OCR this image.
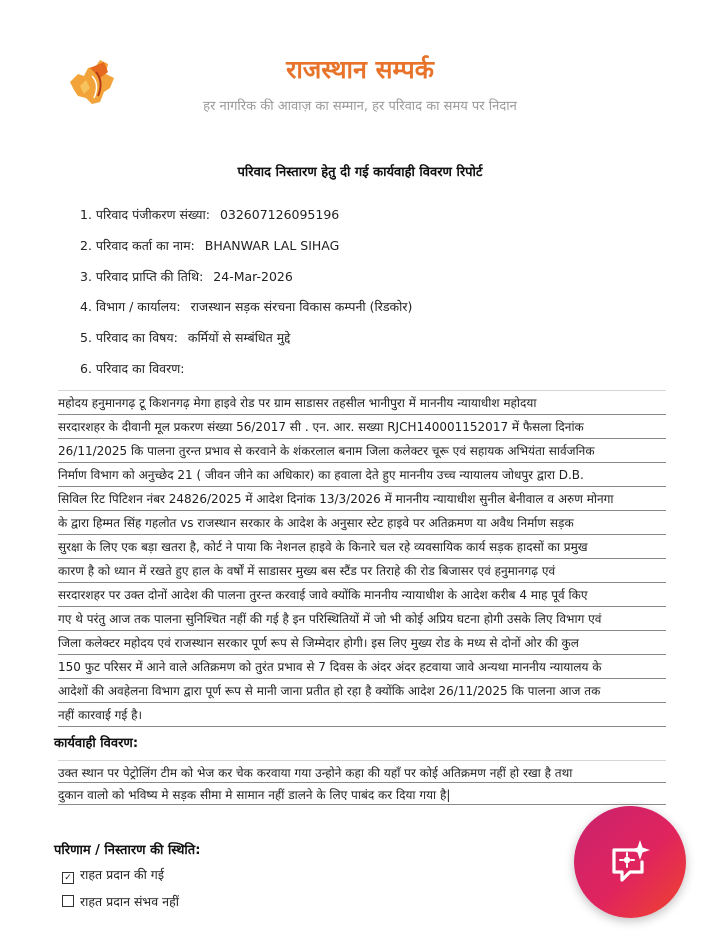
राजस्थान सम्पर्क
हर नागरिक की आवाज़ का सम्मान, हर परिवाद का समय पर निदान
परिवाद निस्तारण हेतु दी गई कार्यवाही विवरण रिपोर्ट
1. परिवाद पंजीकरण संख्या: 032607126095196
2. परिवाद कर्ता का नाम: BHANWAR LAL SIHAG
3. परिवाद प्राप्ति की तिथि: 24-Mar-2026
4. विभाग / कार्यालय: राजस्थान सड़क संरचना विकास कम्पनी (रिडकोर)
5. परिवाद का विषय: कर्मियों से सम्बंधित मुद्दे
6. परिवाद का विवरण:
महोदय हनुमानगढ़ टू किशनगढ़ मेगा हाइवे रोड पर ग्राम साडासर तहसील भानीपुरा में माननीय न्यायाधीश महोदया
सरदारशहर के दीवानी मूल प्रकरण संख्या 56/2017 सी . एन. आर. सख्या RJCH140001152017 में फैसला दिनांक
26/11/2025 कि पालना तुरन्त प्रभाव से करवाने के शंकरलाल बनाम जिला कलेक्टर चूरू एवं सहायक अभियंता सार्वजनिक
निर्माण विभाग को अनुच्छेद 21 ( जीवन जीने का अधिकार) का हवाला देते हुए माननीय उच्च न्यायालय जोधपुर द्वारा D.B.
सिविल रिट पिटिशन नंबर 24826/2025 में आदेश दिनांक 13/3/2026 में माननीय न्यायाधीश सुनील बेनीवाल व अरुण मोनगा
के द्वारा हिम्मत सिंह गहलोत vs राजस्थान सरकार के आदेश के अनुसार स्टेट हाइवे पर अतिक्रमण या अवैध निर्माण सड़क
सुरक्षा के लिए एक बड़ा खतरा है, कोर्ट ने पाया कि नेशनल हाइवे के किनारे चल रहे व्यवसायिक कार्य सड़क हादसों का प्रमुख
कारण है को ध्यान में रखते हुए हाल के वर्षों में साडासर मुख्य बस स्टैंड पर तिराहे की रोड बिजासर एवं हनुमानगढ़ एवं
सरदारशहर पर उक्त दोनों आदेश की पालना तुरन्त करवाई जावे क्योंकि माननीय न्यायाधीश के आदेश करीब 4 माह पूर्व किए
गए थे परंतु आज तक पालना सुनिश्चित नहीं की गई है इन परिस्थितियों में जो भी कोई अप्रिय घटना होगी उसके लिए विभाग एवं
जिला कलेक्टर महोदय एवं राजस्थान सरकार पूर्ण रूप से जिम्मेदार होगी। इस लिए मुख्य रोड के मध्य से दोनों ओर की कुल
150 फुट परिसर में आने वाले अतिक्रमण को तुरंत प्रभाव से 7 दिवस के अंदर अंदर हटवाया जावे अन्यथा माननीय न्यायालय के
आदेशों की अवहेलना विभाग द्वारा पूर्ण रूप से मानी जाना प्रतीत हो रहा है क्योंकि आदेश 26/11/2025 कि पालना आज तक
नहीं कारवाई गई है।
कार्यवाही विवरण:
उक्त स्थान पर पेट्रोलिंग टीम को भेज कर चेक करवाया गया उन्होने कहा की यहाँ पर कोई अतिक्रमण नहीं हो रखा है तथा
दुकान वालो को भविष्य मे सड़क सीमा मे सामान नहीं डालने के लिए पाबंद कर दिया गया है|
परिणाम / निस्तारण की स्थिति:
✓ राहत प्रदान की गई
राहत प्रदान संभव नहीं
